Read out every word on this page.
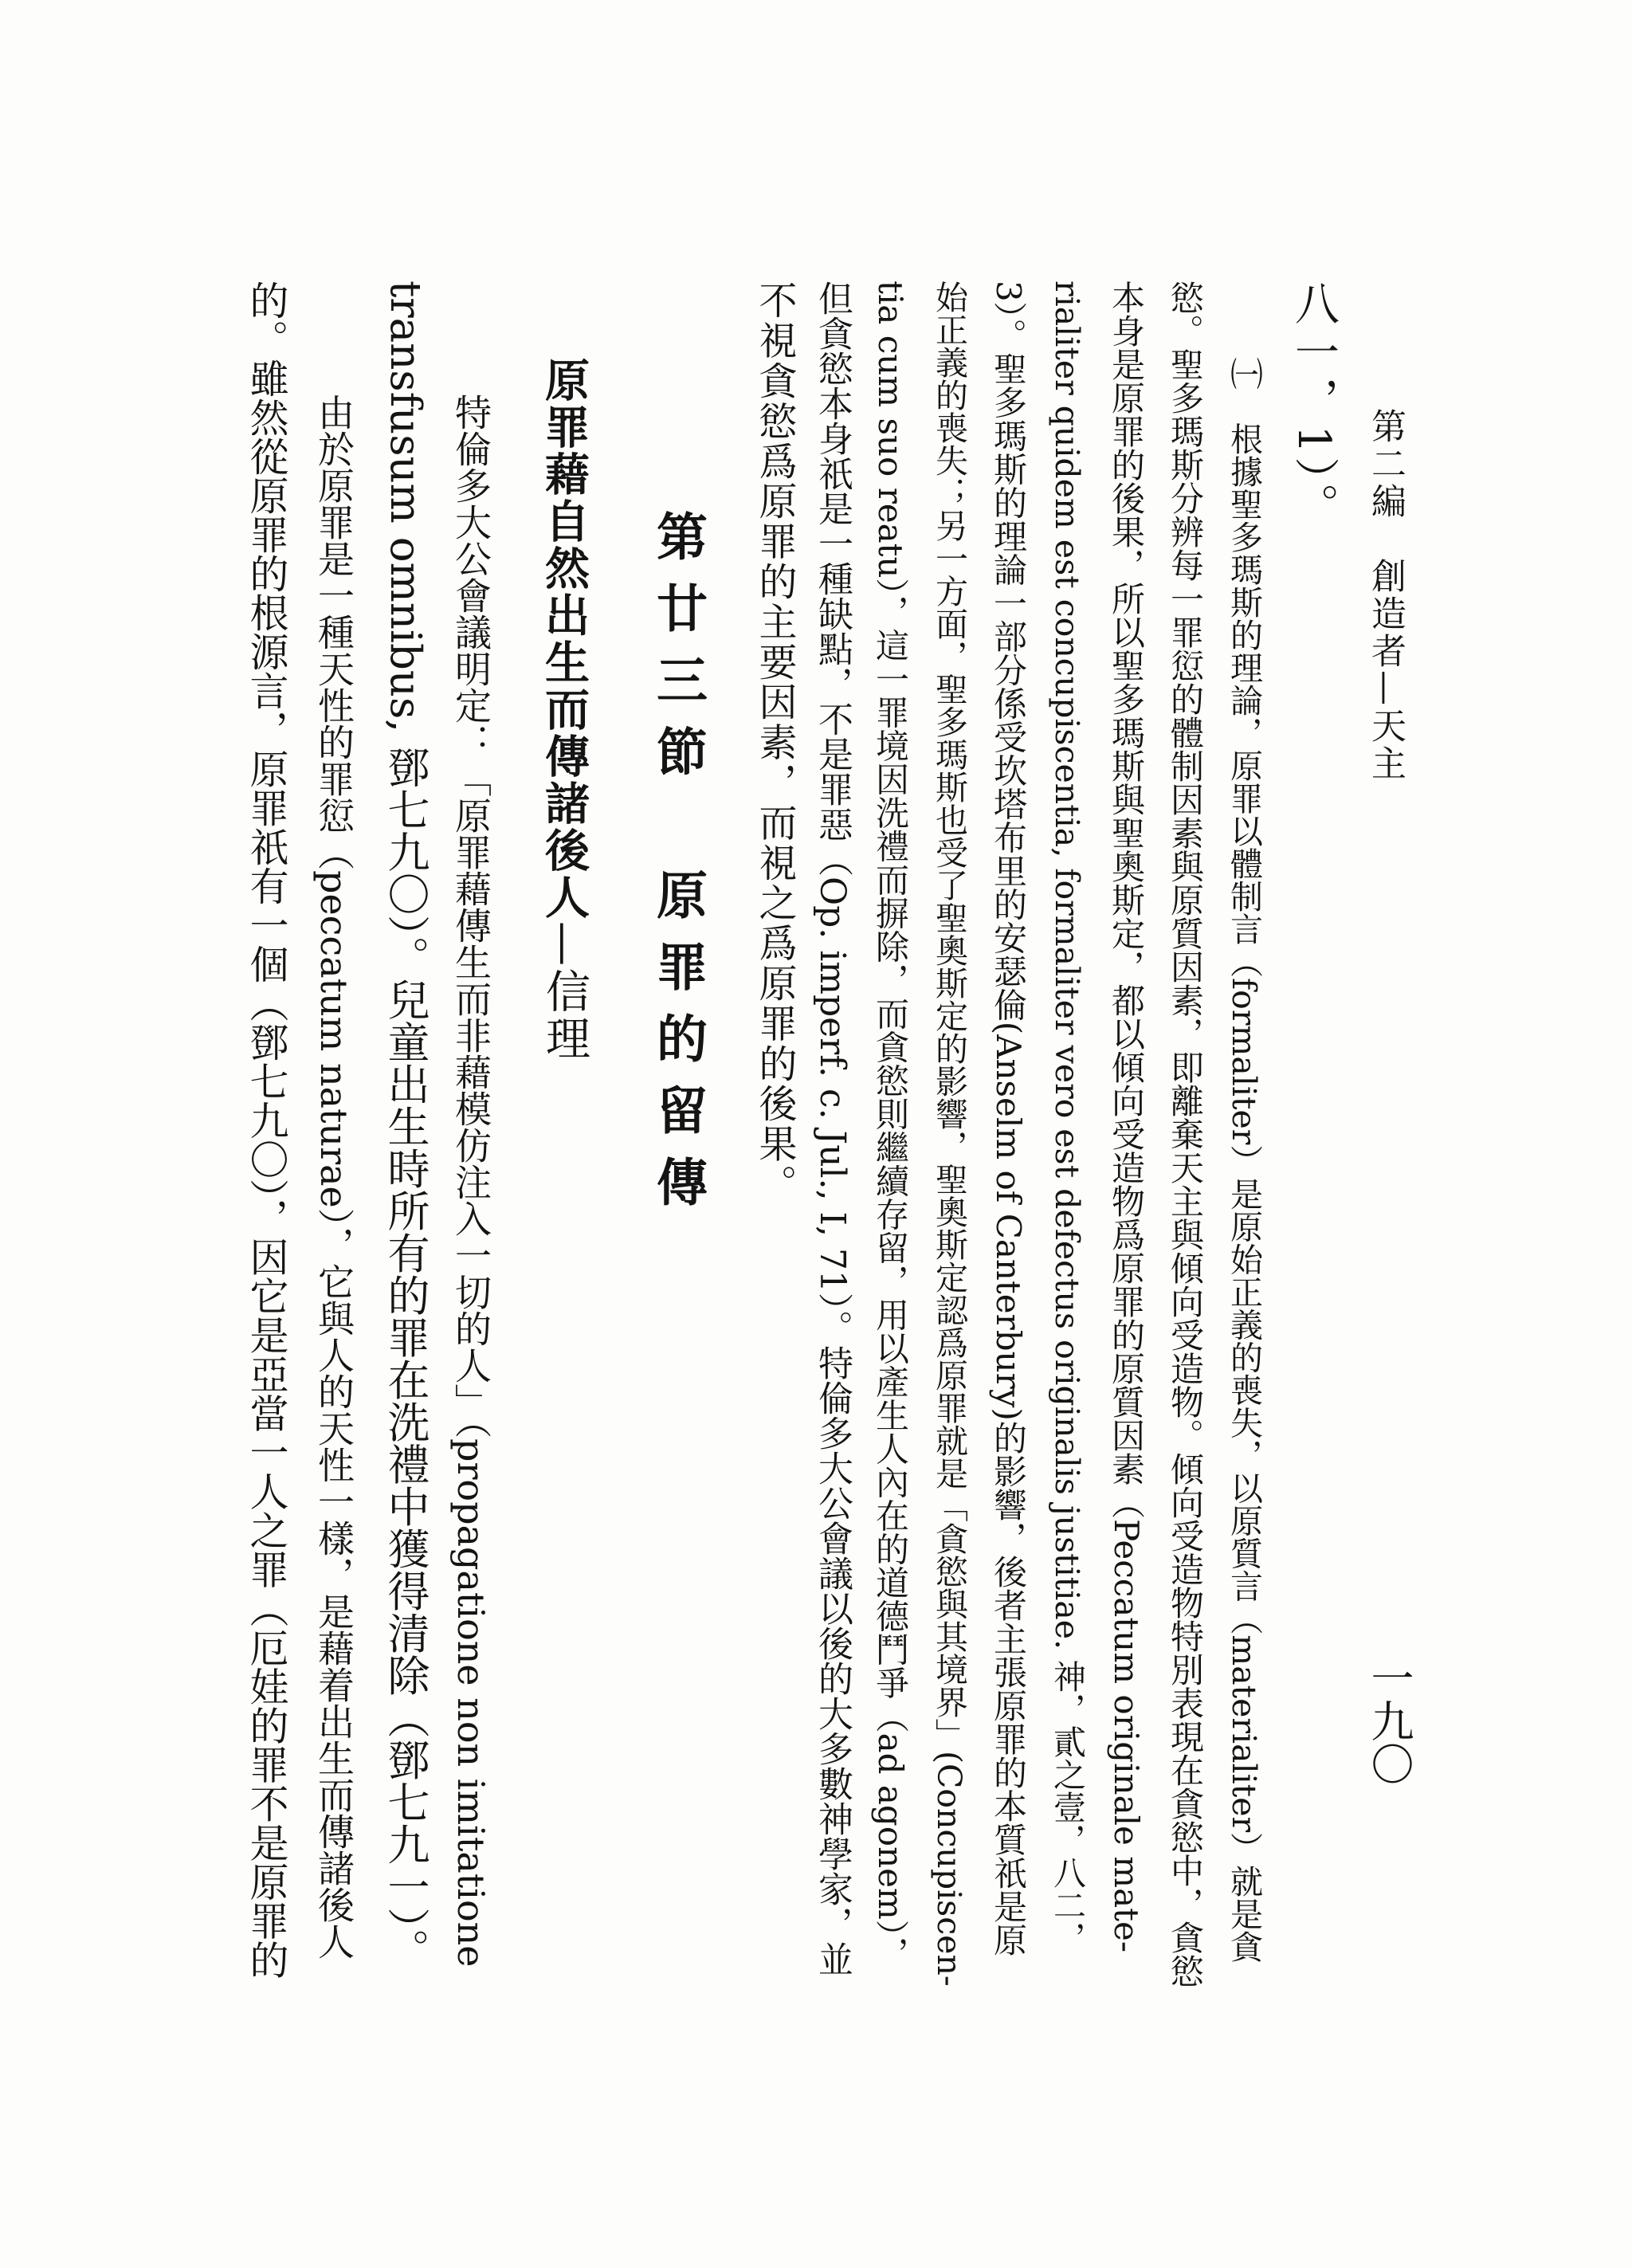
第二編　創造者—天主
一九〇
八一，1）。
㈠　根據聖多瑪斯的理論，原罪以體制言（formaliter）是原始正義的喪失，以原質言（materialiter）就是貪
慾。聖多瑪斯分辨每一罪愆的體制因素與原質因素，即離棄天主與傾向受造物。傾向受造物特別表現在貪慾中，貪慾
本身是原罪的後果，所以聖多瑪斯與聖奧斯定，都以傾向受造物爲原罪的原質因素（Peccatum originale mate-
rialiter quidem est concupiscentia, formaliter vero est defectus originalis justitiae. 神，貳之壹，八二，
3）。聖多瑪斯的理論一部分係受坎塔布里的安瑟倫(Anselm of Canterbury)的影響，後者主張原罪的本質祇是原
始正義的喪失；另一方面，聖多瑪斯也受了聖奧斯定的影響，聖奧斯定認爲原罪就是「貪慾與其境界」(Concupiscen-
tia cum suo reatu），這一罪境因洗禮而摒除，而貪慾則繼續存留，用以產生人內在的道德鬥爭（ad agonem），
但貪慾本身祇是一種缺點，不是罪惡（Op. imperf. c. Jul., I, 71）。特倫多大公會議以後的大多數神學家，並
不視貪慾爲原罪的主要因素，而視之爲原罪的後果。
第廿三節　原罪的留傳
原罪藉自然出生而傳諸後人—信理
　特倫多大公會議明定：「原罪藉傳生而非藉模仿注入一切的人」（propagatione non imitatione
transfusum omnibus, 鄧七九〇）。兒童出生時所有的罪在洗禮中獲得清除（鄧七九一）。
　由於原罪是一種天性的罪愆（peccatum naturae），它與人的天性一樣，是藉着出生而傳諸後人
的。雖然從原罪的根源言，原罪祇有一個（鄧七九〇），因它是亞當一人之罪（厄娃的罪不是原罪的
